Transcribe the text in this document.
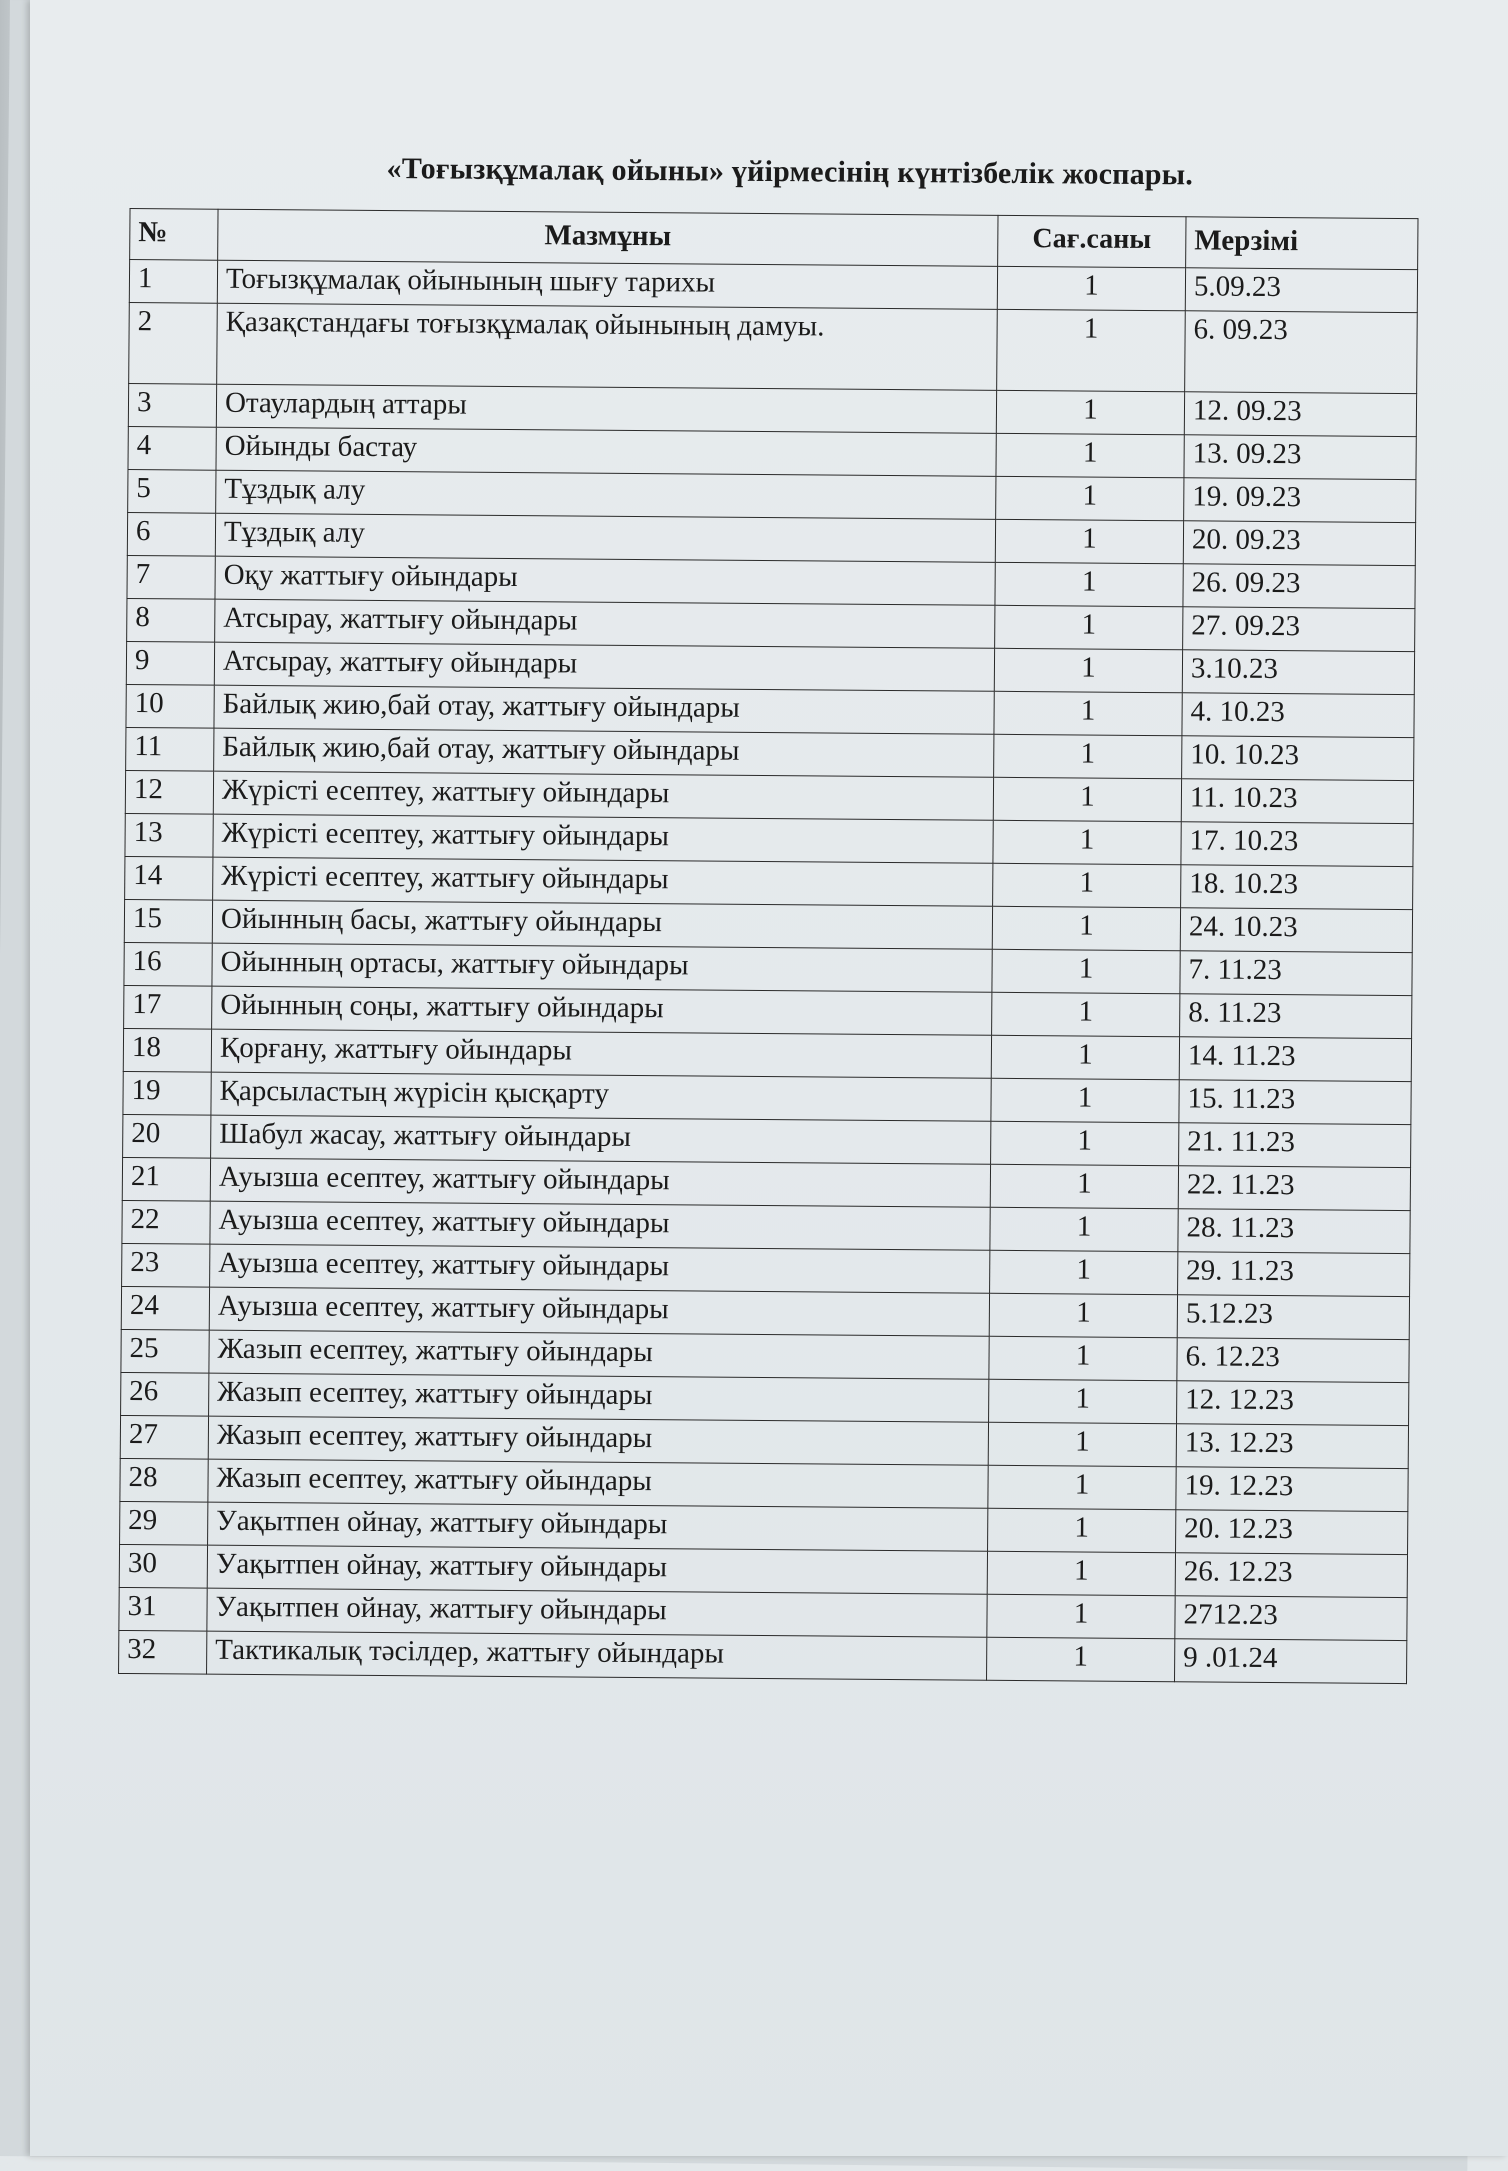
«Тоғызқұмалақ ойыны» үйірмесінің күнтізбелік жоспары.
№	Мазмұны	Сағ.саны	Мерзімі
1	Тоғызқұмалақ ойынының шығу тарихы	1	5.09.23
2	Қазақстандағы тоғызқұмалақ ойынының дамуы.	1	6. 09.23
3	Отаулардың аттары	1	12. 09.23
4	Ойынды бастау	1	13. 09.23
5	Тұздық алу	1	19. 09.23
6	Тұздық алу	1	20. 09.23
7	Оқу жаттығу ойындары	1	26. 09.23
8	Атсырау, жаттығу ойындары	1	27. 09.23
9	Атсырау, жаттығу ойындары	1	3.10.23
10	Байлық жию,бай отау, жаттығу ойындары	1	4. 10.23
11	Байлық жию,бай отау, жаттығу ойындары	1	10. 10.23
12	Жүрісті есептеу, жаттығу ойындары	1	11. 10.23
13	Жүрісті есептеу, жаттығу ойындары	1	17. 10.23
14	Жүрісті есептеу, жаттығу ойындары	1	18. 10.23
15	Ойынның басы, жаттығу ойындары	1	24. 10.23
16	Ойынның ортасы, жаттығу ойындары	1	7. 11.23
17	Ойынның соңы, жаттығу ойындары	1	8. 11.23
18	Қорғану, жаттығу ойындары	1	14. 11.23
19	Қарсыластың жүрісін қысқарту	1	15. 11.23
20	Шабул жасау, жаттығу ойындары	1	21. 11.23
21	Ауызша есептеу, жаттығу ойындары	1	22. 11.23
22	Ауызша есептеу, жаттығу ойындары	1	28. 11.23
23	Ауызша есептеу, жаттығу ойындары	1	29. 11.23
24	Ауызша есептеу, жаттығу ойындары	1	5.12.23
25	Жазып есептеу, жаттығу ойындары	1	6. 12.23
26	Жазып есептеу, жаттығу ойындары	1	12. 12.23
27	Жазып есептеу, жаттығу ойындары	1	13. 12.23
28	Жазып есептеу, жаттығу ойындары	1	19. 12.23
29	Уақытпен ойнау, жаттығу ойындары	1	20. 12.23
30	Уақытпен ойнау, жаттығу ойындары	1	26. 12.23
31	Уақытпен ойнау, жаттығу ойындары	1	2712.23
32	Тактикалық тәсілдер, жаттығу ойындары	1	9 .01.24
